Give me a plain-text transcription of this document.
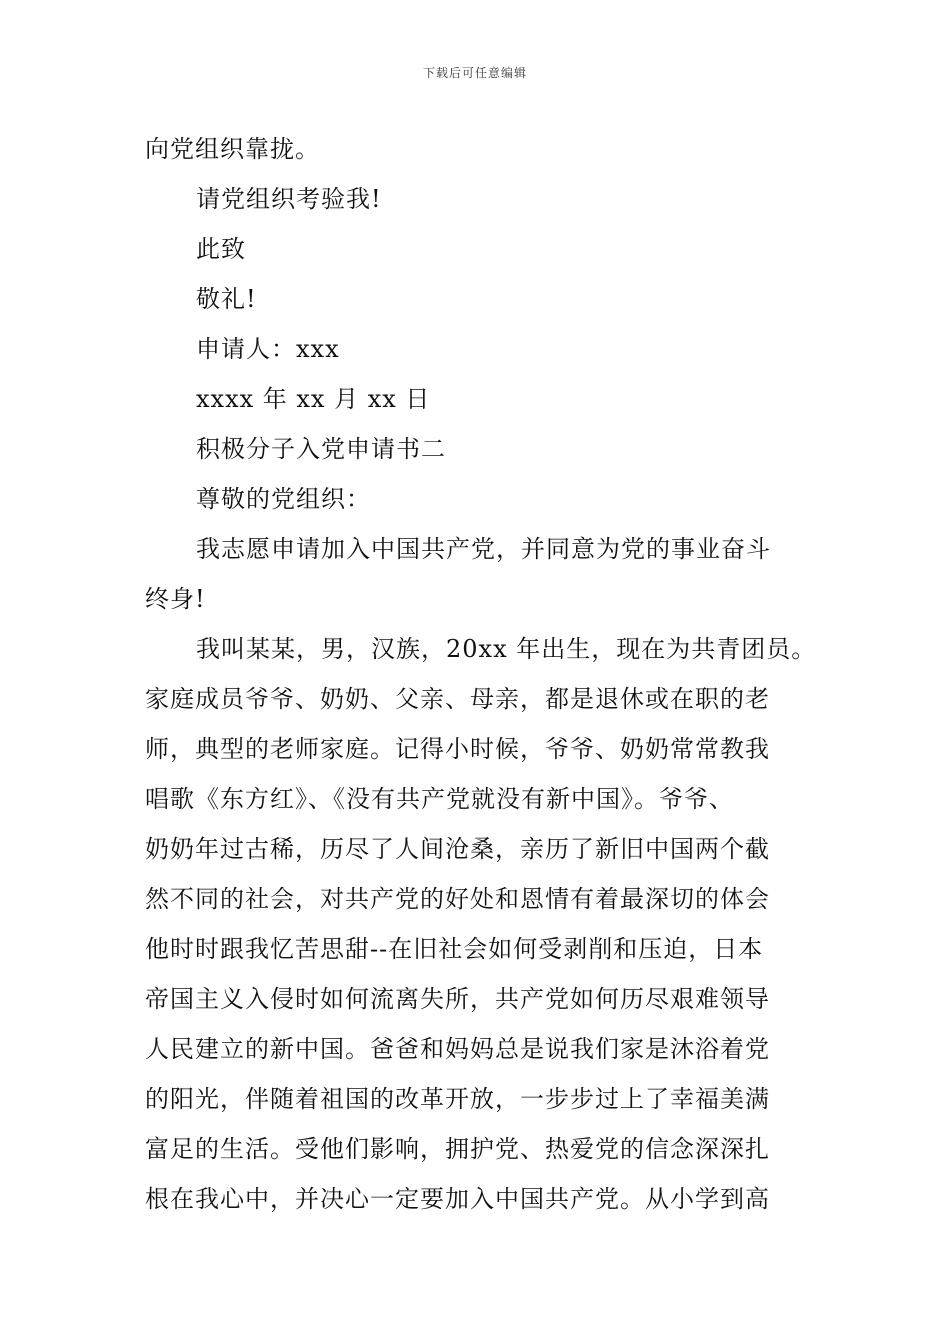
下载后可任意编辑
向党组织靠拢。
请党组织考验我!
此致
敬礼!
申请人：xxx
xxxx 年 xx 月 xx 日
积极分子入党申请书二
尊敬的党组织：
我志愿申请加入中国共产党，并同意为党的事业奋斗
终身!
我叫某某，男，汉族，20xx 年出生，现在为共青团员。
家庭成员爷爷、奶奶、父亲、母亲，都是退休或在职的老
师，典型的老师家庭。记得小时候，爷爷、奶奶常常教我
唱歌《东方红》、《没有共产党就没有新中国》。爷爷、
奶奶年过古稀，历尽了人间沧桑，亲历了新旧中国两个截
然不同的社会，对共产党的好处和恩情有着最深切的体会
他时时跟我忆苦思甜--在旧社会如何受剥削和压迫，日本
帝国主义入侵时如何流离失所，共产党如何历尽艰难领导
人民建立的新中国。爸爸和妈妈总是说我们家是沐浴着党
的阳光，伴随着祖国的改革开放，一步步过上了幸福美满
富足的生活。受他们影响，拥护党、热爱党的信念深深扎
根在我心中，并决心一定要加入中国共产党。从小学到高
